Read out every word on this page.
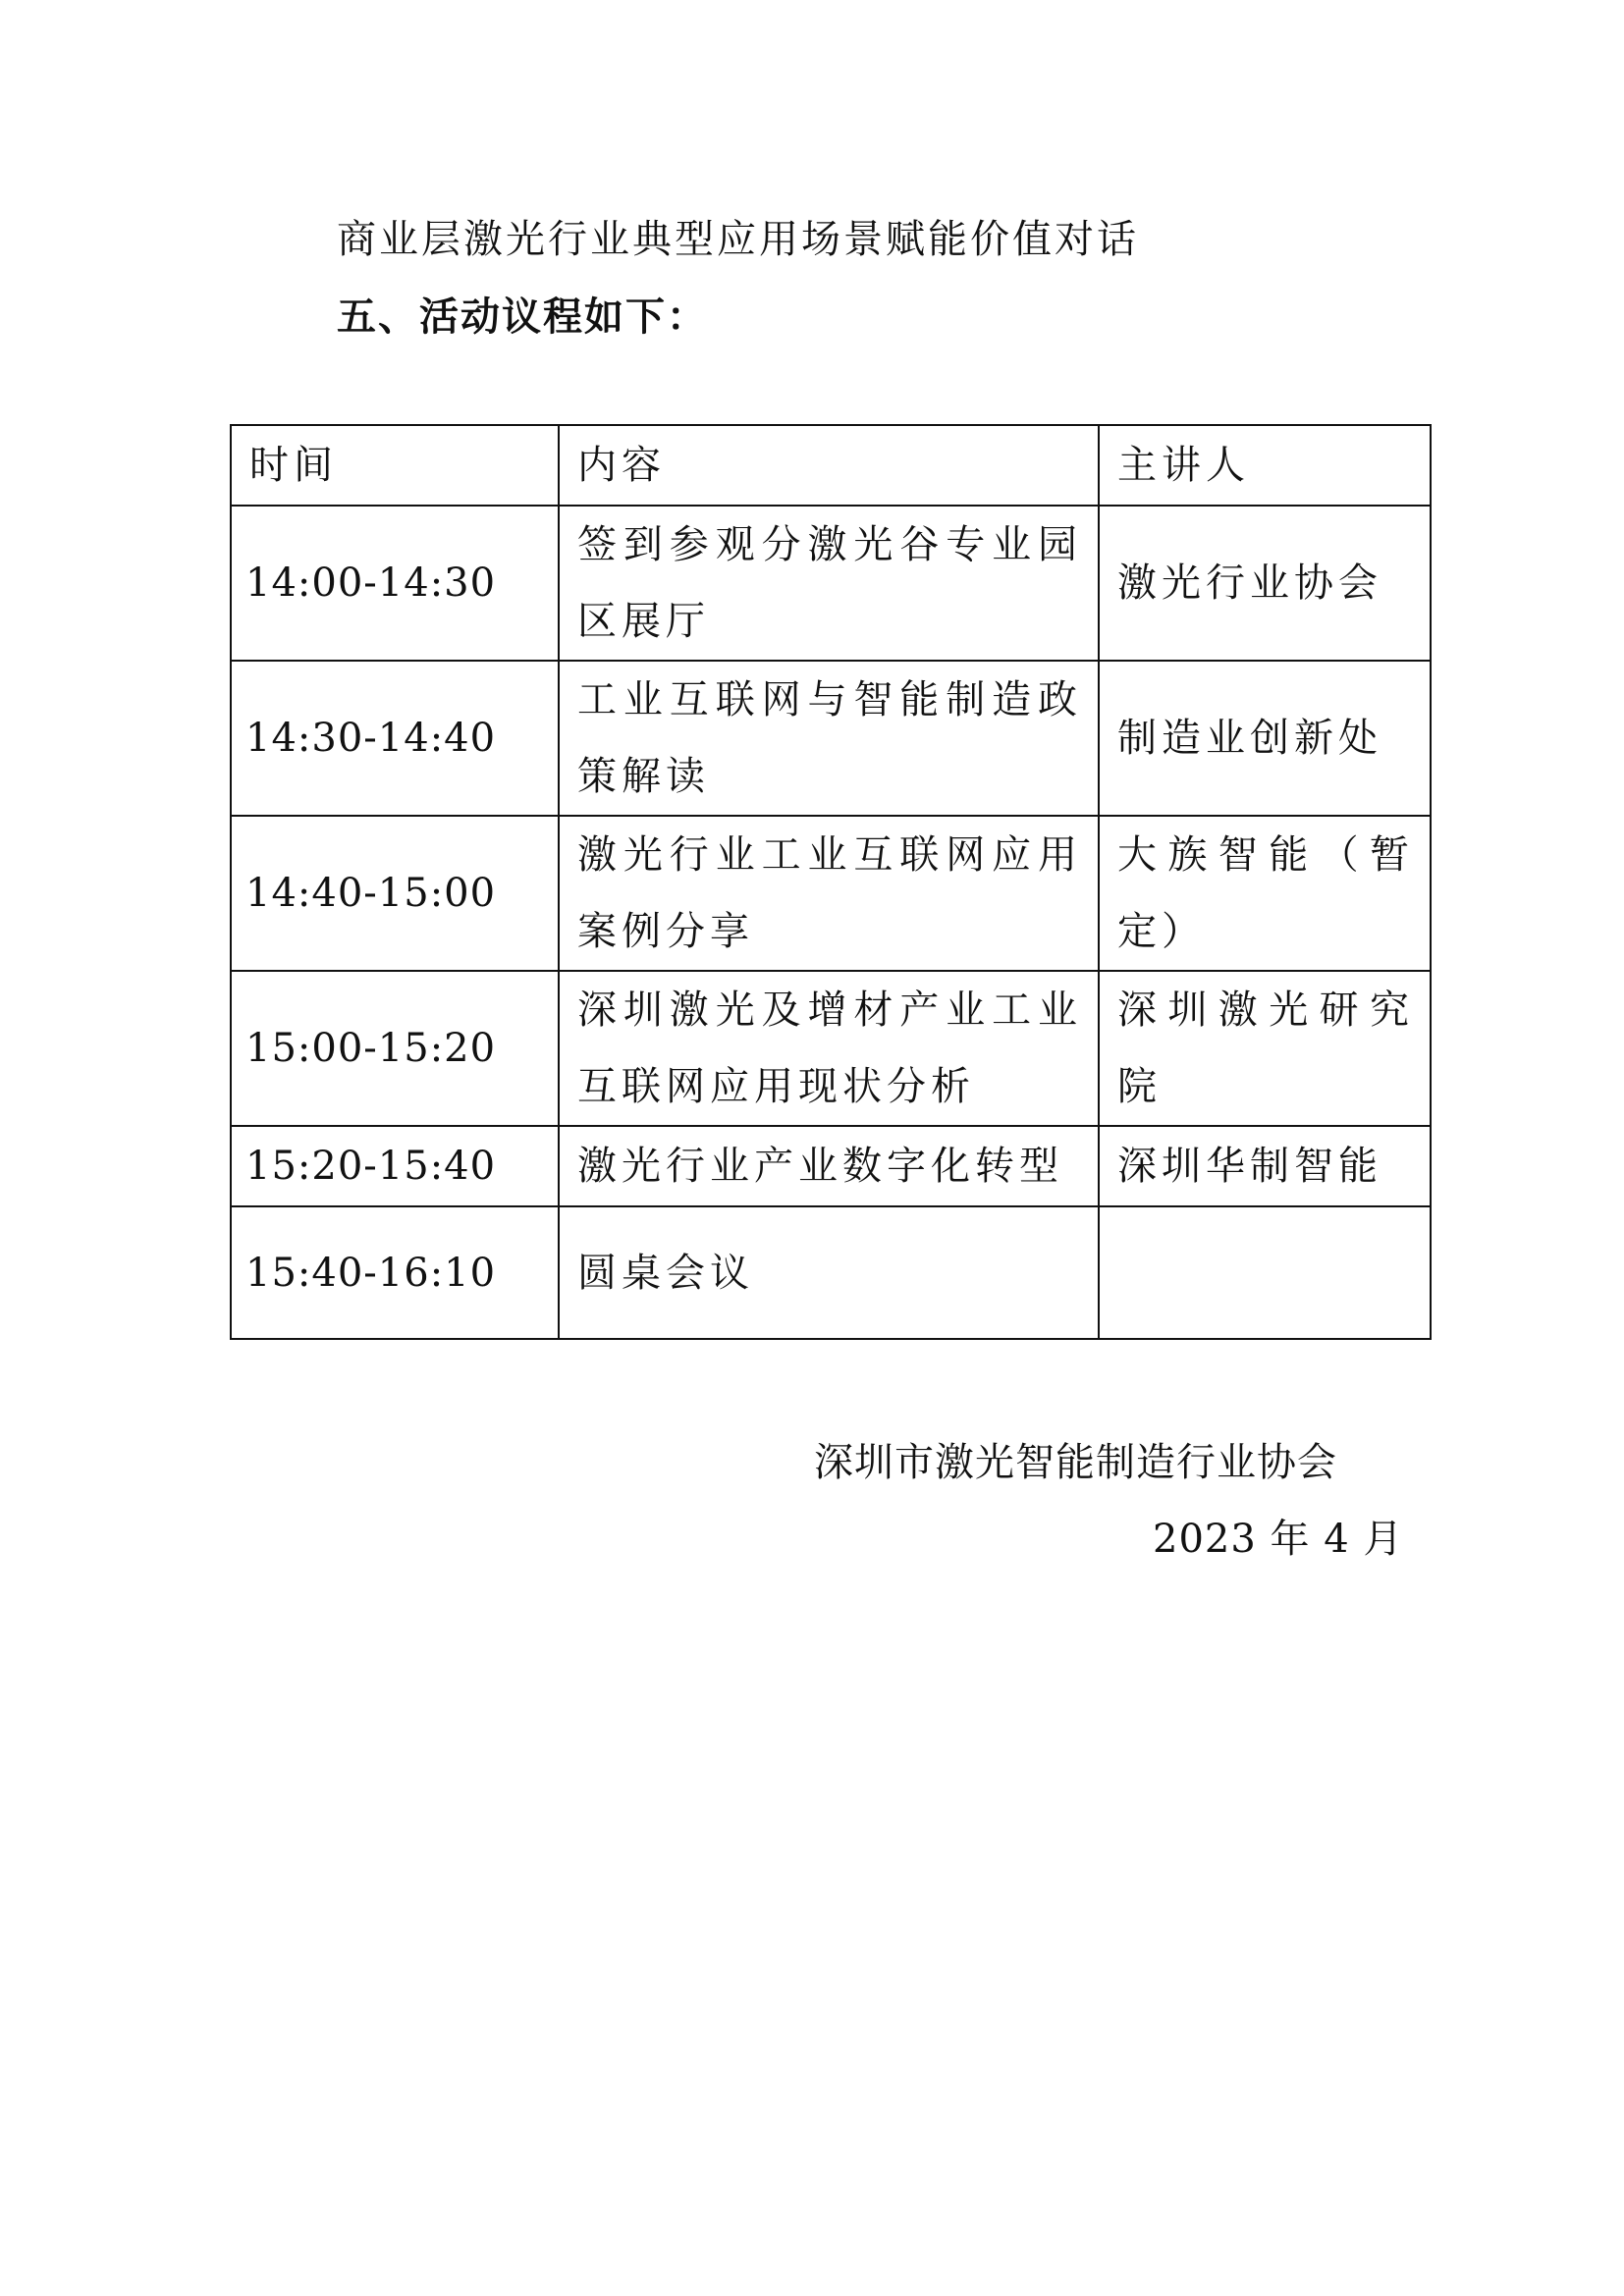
商业层激光行业典型应用场景赋能价值对话
五、活动议程如下：
时间	内容	主讲人
14:00-14:30	签到参观分激光谷专业园区展厅	激光行业协会
14:30-14:40	工业互联网与智能制造政策解读	制造业创新处
14:40-15:00	激光行业工业互联网应用案例分享	大族智能（暂定）
15:00-15:20	深圳激光及增材产业工业互联网应用现状分析	深圳激光研究院
15:20-15:40	激光行业产业数字化转型	深圳华制智能
15:40-16:10	圆桌会议	
深圳市激光智能制造行业协会
2023 年 4 月
